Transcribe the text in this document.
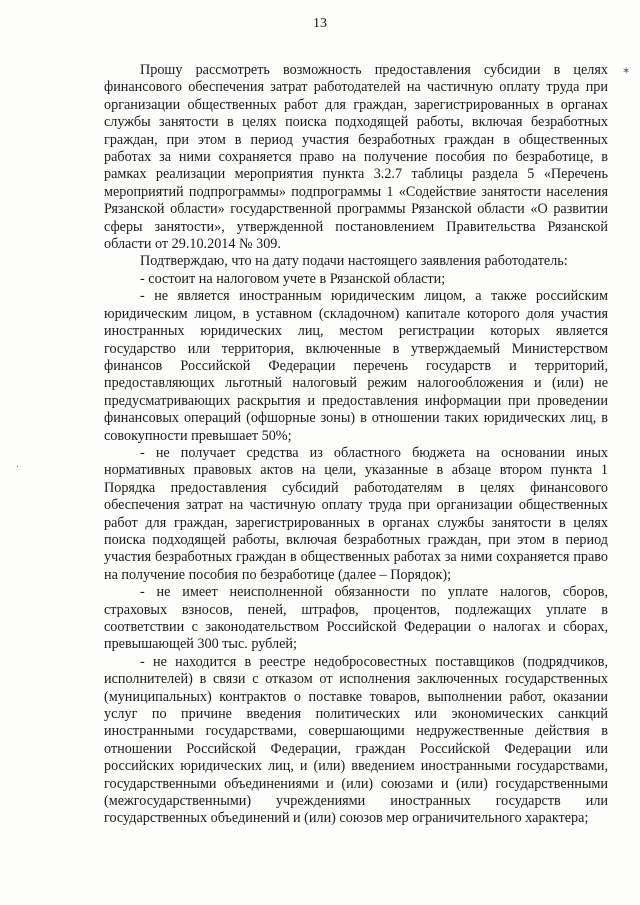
13

Прошу рассмотреть возможность предоставления субсидии в целях финансового обеспечения затрат работодателей на частичную оплату труда при организации общественных работ для граждан, зарегистрированных в органах службы занятости в целях поиска подходящей работы, включая безработных граждан, при этом в период участия безработных граждан в общественных работах за ними сохраняется право на получение пособия по безработице, в рамках реализации мероприятия пункта 3.2.7 таблицы раздела 5 «Перечень мероприятий подпрограммы» подпрограммы 1 «Содействие занятости населения Рязанской области» государственной программы Рязанской области «О развитии сферы занятости», утвержденной постановлением Правительства Рязанской области от 29.10.2014 № 309.

Подтверждаю, что на дату подачи настоящего заявления работодатель:

- состоит на налоговом учете в Рязанской области;

- не является иностранным юридическим лицом, а также российским юридическим лицом, в уставном (складочном) капитале которого доля участия иностранных юридических лиц, местом регистрации которых является государство или территория, включенные в утверждаемый Министерством финансов Российской Федерации перечень государств и территорий, предоставляющих льготный налоговый режим налогообложения и (или) не предусматривающих раскрытия и предоставления информации при проведении финансовых операций (офшорные зоны) в отношении таких юридических лиц, в совокупности превышает 50%;

- не получает средства из областного бюджета на основании иных нормативных правовых актов на цели, указанные в абзаце втором пункта 1 Порядка предоставления субсидий работодателям в целях финансового обеспечения затрат на частичную оплату труда при организации общественных работ для граждан, зарегистрированных в органах службы занятости в целях поиска подходящей работы, включая безработных граждан, при этом в период участия безработных граждан в общественных работах за ними сохраняется право на получение пособия по безработице (далее – Порядок);

- не имеет неисполненной обязанности по уплате налогов, сборов, страховых взносов, пеней, штрафов, процентов, подлежащих уплате в соответствии с законодательством Российской Федерации о налогах и сборах, превышающей 300 тыс. рублей;

- не находится в реестре недобросовестных поставщиков (подрядчиков, исполнителей) в связи с отказом от исполнения заключенных государственных (муниципальных) контрактов о поставке товаров, выполнении работ, оказании услуг по причине введения политических или экономических санкций иностранными государствами, совершающими недружественные действия в отношении Российской Федерации, граждан Российской Федерации или российских юридических лиц, и (или) введением иностранными государствами, государственными объединениями и (или) союзами и (или) государственными (межгосударственными) учреждениями иностранных государств или государственных объединений и (или) союзов мер ограничительного характера;

✶
·
